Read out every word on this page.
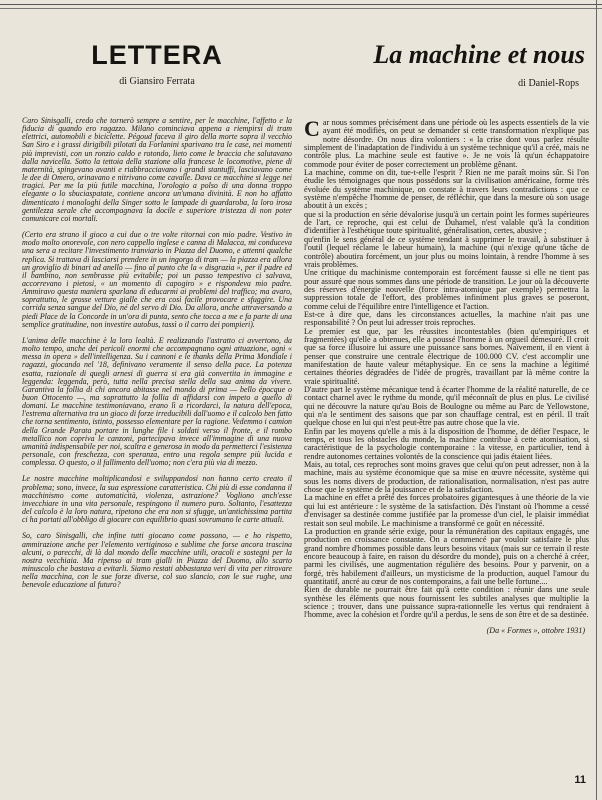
LETTERA
di Giansiro Ferrata

Caro Sinisgalli, credo che tornerò sempre a sentire, per le macchine, l'affetto e la fiducia di quando ero ragazzo. Milano cominciava appena a riempirsi di tram elettrici, automobili e biciclette. Pégoud faceva il giro della morte sopra il vecchio San Siro e i grassi dirigibili pilotati da Forlanini sparivano tra le case, nei momenti più imprevisti, con un ronzio caldo e rotondo, lieto come le braccia che salutavano dalla navicella. Sotto la tettoia della stazione alla francese le locomotive, piene di maternità, spingevano avanti e riabbracciavano i grandi stantuffi, lasciavano come le dee di Omero, orinavano e nitrivano come cavalle. Dava ce macchine si legge nei tragici. Per me la più futile macchina, l'orologio a polso di una donna troppo elegante o lo sbuciaspatate, contiene ancora un'umana divinità. E non ho affatto dimenticato i monologhi della Singer sotto le lampade di guardaroba, la loro irosa gentilezza serale che accompagnava la docile e superiore tristezza di non poter comunicare coi mortali.

(Certo era strano il gioco a cui due o tre volte ritornai con mio padre. Vestivo in modo molto onorevole, con nero cappello inglese e canna di Malacca, mi conduceva una sera a recitare l'investimento tranviario in Piazza del Duomo, e attenni qualche replica. Si trattava di lasciarsi prendere in un ingorgo di tram — la piazza era allora un groviglio di binari ad anello — fino al punto che la « disgrazia », per il padre ed il bambino, non sembrasse più evitabile; poi un passo tempestivo ci salvava, accorrevano i pietosi, « un momento di capogiro » e rispondeva mio padre. Ammiravo questa maniera sparlana di educarmi ai problemi del traffico; ma avaro, soprattutto, le grosse vetture gialle che era così facile provocare e sfuggire. Una corrida senza sangue del Dio, né del servo di Dio. Da allora, anche attraversando a piedi Place de la Concorde in un'ora di punta, sento che tocca a me e fa parte di una semplice gratitudine, non investire autobus, tassì o il carro dei pompieri).

L'anima delle macchine è la loro lealtà. E realizzando l'astratto ci avvertono, da molto tempo, anche dei pericoli enormi che accompagnano ogni attuazione, ogni « messa in opera » dell'intelligenza. Su i cannoni e le thanks della Prima Mondiale i ragazzi, giocando nel '18, definivano veramente il senso della pace. La potenza esatta, razionale di quegli arnesi di guerra si era già convertita in immagine e leggenda: leggenda, però, tutta nella precisa stella della sua anima da vivere. Garantiva la follia di chi ancora abitasse nel mondo di prima — bello épocque o buon Ottocento —, ma soprattutto la follia di affidarsi con impeto a quello di domani. Le macchine testimoniavano, erano lì a ricordarci, la natura dell'epoca, l'estrema alternativa tra un gioco di forze irreducibili dall'uomo e il calcolo ben fatto che torna sentimento, istinto, possesso elementare per la ragione. Vedemmo i camion della Grande Parata portare in lunghe file i soldati verso il fronte, e il rombo metallico non copriva le canzoni, partecipava invece all'immagine di una nuova umanità indispensabile per noi, scaltra e generosa in modo da permetterci l'esistenza personale, con freschezza, con speranza, entro una regola sempre più lucida e complessa. O questo, o il fallimento dell'uomo; non c'era più via di mezzo.

Le nostre macchine moltiplicandosi e sviluppandosi non hanno certo creato il problema; sono, invece, la sua espressione caratteristica. Chi più di esse condanna il macchinismo come automaticità, violenza, astrazione? Vogliono anch'esse invecchiare in una vita personale, respingono il numero puro. Soltanto, l'esattezza del calcolo è la loro natura, ripetono che era non si sfugge, un'antichissima partita ci ha portati all'obbligo di giocare con equilibrio quasi sovrumano le carte attuali.

So, caro Sinisgalli, che infine tutti giocano come possono, — e ho rispetto, ammirazione anche per l'elemento vertiginoso e sublime che forse ancora trascina alcuni, o parecchi, di là dal mondo delle macchine utili, oracoli e sostegni per la nostra vecchiaia. Ma ripenso ai tram gialli in Piazza del Duomo, allo scarto minuscolo che bastava a evitarli. Siamo restati abbastanza veri di vita per ritrovare nella macchina, con le sue forze diverse, col suo slancio, con le sue rughe, una benevole educazione al futuro?

La machine et nous
di Daniel-Rops

Car nous sommes précisément dans une période où les aspects essentiels de la vie ayant été modifiés, on peut se demander si cette transformation n'explique pas notre désordre. On nous dira volontiers : « la crise dont vous parlez résulte simplement de l'inadaptation de l'individu à un système technique qu'il a créé, mais ne contrôle plus. La machine seule est fautive ». Je ne vois là qu'un échappatoire commode pour éviter de poser correctement un problème gênant.

La machine, comme on dit, tue-t-elle l'esprit ? Rien ne me paraît moins sûr. Si l'on étudie les témoignages que nous possédons sur la civilisation américaine, forme très évoluée du système machinique, on constate à travers leurs contradictions : que ce système n'empêche l'homme de penser, de réfléchir, que dans la mesure où son usage aboutit à un excès ;

que si la production en série dévalorise jusqu'à un certain point les formes supérieures de l'art, ce reproche, qui est celui de Duhamel, n'est valable qu'à la condition d'identifier à l'esthétique toute spiritualité, généralisation, certes, abusive ;

qu'enfin le sens général de ce système tendant à supprimer le travail, à substituer à l'outil (lequel réclame le labeur humain), la machine (qui n'exige qu'une tâche de contrôle) aboutira forcément, un jour plus ou moins lointain, à rendre l'homme à ses vrais problèmes.

Une critique du machinisme contemporain est forcément fausse si elle ne tient pas pour assuré que nous sommes dans une période de transition. Le jour où la découverte des réserves d'énergie nouvelle (force intra-atomique par exemple) permettra la suppression totale de l'effort, des problèmes infiniment plus graves se poseront, comme celui de l'équilibre entre l'intelligence et l'action.

Est-ce à dire que, dans les circonstances actuelles, la machine n'ait pas une responsabilité ? On peut lui adresser trois reproches.

Le premier est que, par les réussites incontestables (bien qu'empiriques et fragmentées) qu'elle a obtenues, elle a poussé l'homme à un orgueil démesuré. Il croit que sa force illusoire lui assure une puissance sans bornes. Naïvement, il en vient à penser que construire une centrale électrique de 100.000 CV. c'est accomplir une manifestation de haute valeur métaphysique. En ce sens la machine a légitimé certaines théories dégradées de l'idée de progrès, travaillant par là même contre la vraie spiritualité.

D'autre part le système mécanique tend à écarter l'homme de la réalité naturelle, de ce contact charnel avec le rythme du monde, qu'il méconnaît de plus en plus. Le civilisé qui ne découvre la nature qu'au Bois de Boulogne ou même au Parc de Yellowstone, qui n'a le sentiment des saisons que par son chauffage central, est en péril. Il traît quelque chose en lui qui n'est peut-être pas autre chose que la vie.

Enfin par les moyens qu'elle a mis à la disposition de l'homme, de défier l'espace, le temps, et tous les obstacles du monde, la machine contribue à cette atomisation, si caractéristique de la psychologie contemporaine : la vitesse, en particulier, tend à rendre autonomes certaines volontés de la conscience qui jadis étaient liées.

Mais, au total, ces reproches sont moins graves que celui qu'on peut adresser, non à la machine, mais au système économique que sa mise en œuvre nécessite, système qui sous les noms divers de production, de rationalisation, normalisation, n'est pas autre chose que le système de la jouissance et de la satisfaction.

La machine en effet a prêté des forces probatoires gigantesques à une théorie de la vie qui lui est antérieure : le système de la satisfaction. Dès l'instant où l'homme a cessé d'envisager sa destinée comme justifiée par la promesse d'un ciel, le plaisir immédiat restait son seul mobile. Le machinisme a transformé ce goût en nécessité.

La production en grande série exige, pour la rémunération des capitaux engagés, une production en croissance constante. On a commencé par vouloir satisfaire le plus grand nombre d'hommes possible dans leurs besoins vitaux (mais sur ce terrain il reste encore beaucoup à faire, en raison du désordre du monde), puis on a cherché à créer, parmi les civilisés, une augmentation régulière des besoins. Pour y parvenir, on a forgé, très habilement d'ailleurs, un mysticisme de la production, auquel l'amour du quantitatif, ancré au cœur de nos contemporains, a fait une belle fortune....

Rien de durable ne pourrait être fait qu'à cette condition : réunir dans une seule synthèse les éléments que nous fournissent les subtiles analyses que multiplie la science ; trouver, dans une puissance supra-rationnelle les vertus qui rendraient à l'homme, avec la cohésion et l'ordre qu'il a perdus, le sens de son être et de sa destinée.

(Da « Formes », ottobre 1931)
11
